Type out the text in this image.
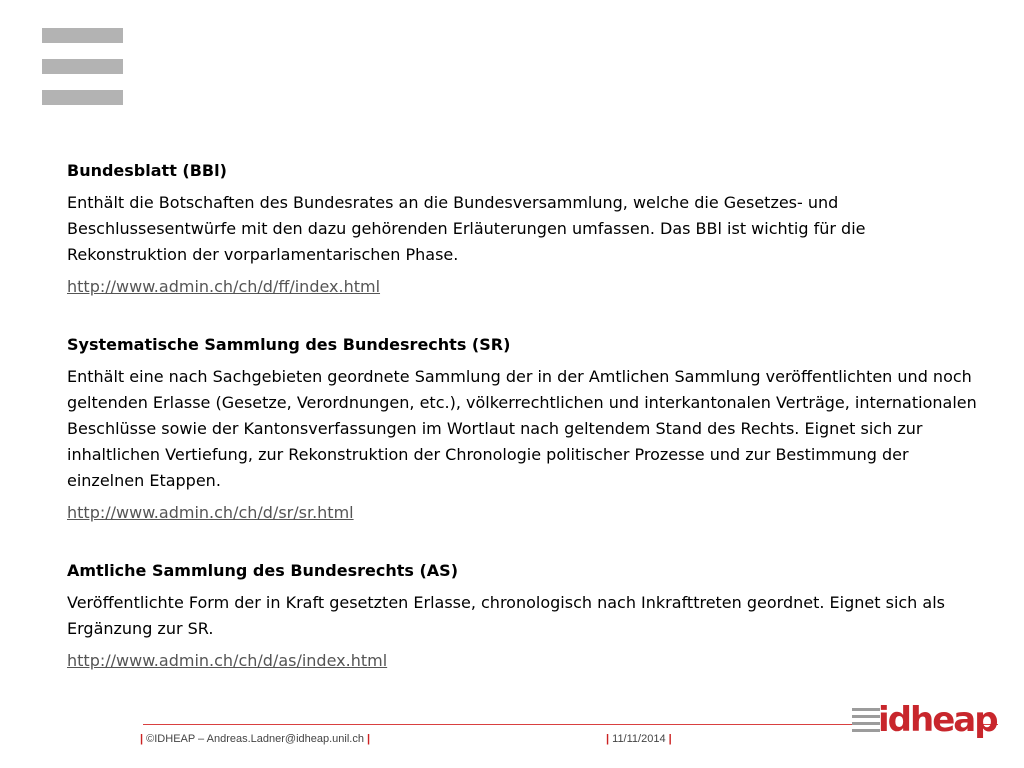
Bundesblatt (BBl)

Enthält die Botschaften des Bundesrates an die Bundesversammlung, welche die Gesetzes- und Beschlussesentwürfe mit den dazu gehörenden Erläuterungen umfassen. Das BBl ist wichtig für die Rekonstruktion der vorparlamentarischen Phase.

http://www.admin.ch/ch/d/ff/index.html
Systematische Sammlung des Bundesrechts (SR)

Enthält eine nach Sachgebieten geordnete Sammlung der in der Amtlichen Sammlung veröffentlichten und noch geltenden Erlasse (Gesetze, Verordnungen, etc.), völkerrechtlichen und interkantonalen Verträge, internationalen Beschlüsse sowie der Kantonsverfassungen im Wortlaut nach geltendem Stand des Rechts. Eignet sich zur inhaltlichen Vertiefung, zur Rekonstruktion der Chronologie politischer Prozesse und zur Bestimmung der einzelnen Etappen.

http://www.admin.ch/ch/d/sr/sr.html
Amtliche Sammlung des Bundesrechts (AS)

Veröffentlichte Form der in Kraft gesetzten Erlasse, chronologisch nach Inkrafttreten geordnet. Eignet sich als Ergänzung zur SR.

http://www.admin.ch/ch/d/as/index.html
| ©IDHEAP – Andreas.Ladner@idheap.unil.ch |	| 11/11/2014 |	idheap
